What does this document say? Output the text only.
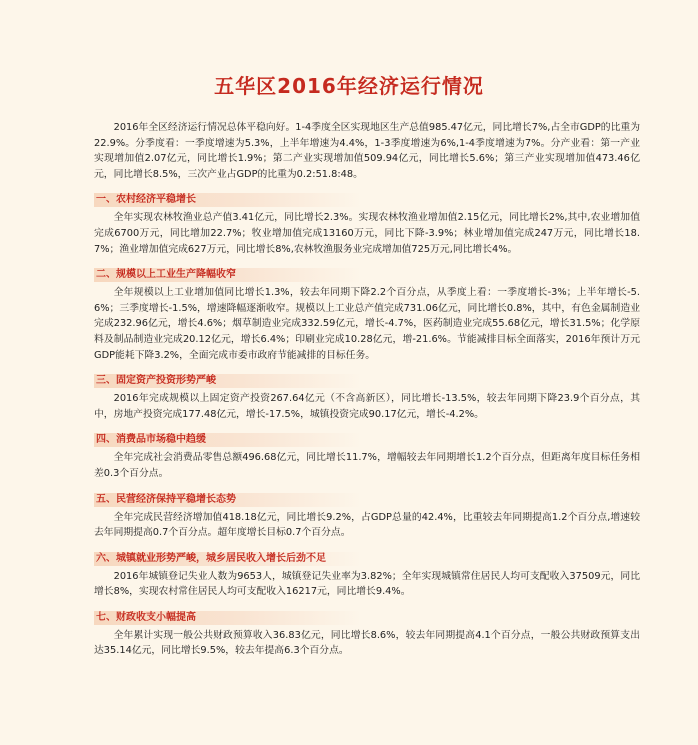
五华区2016年经济运行情况

2016年全区经济运行情况总体平稳向好。1-4季度全区实现地区生产总值985.47亿元，同比增长7%,占全市GDP的比重为22.9%。分季度看：一季度增速为5.3%，上半年增速为4.4%，1-3季度增速为6%,1-4季度增速为7%。分产业看：第一产业实现增加值2.07亿元，同比增长1.9%；第二产业实现增加值509.94亿元，同比增长5.6%；第三产业实现增加值473.46亿元，同比增长8.5%，三次产业占GDP的比重为0.2:51.8:48。

一、农村经济平稳增长

全年实现农林牧渔业总产值3.41亿元，同比增长2.3%。实现农林牧渔业增加值2.15亿元，同比增长2%,其中,农业增加值完成6700万元，同比增加22.7%；牧业增加值完成13160万元，同比下降-3.9%；林业增加值完成247万元，同比增长18.7%；渔业增加值完成627万元，同比增长8%,农林牧渔服务业完成增加值725万元,同比增长4%。

二、规模以上工业生产降幅收窄

全年规模以上工业增加值同比增长1.3%，较去年同期下降2.2个百分点，从季度上看：一季度增长-3%；上半年增长-5.6%；三季度增长-1.5%，增速降幅逐渐收窄。规模以上工业总产值完成731.06亿元，同比增长0.8%，其中，有色金属制造业完成232.96亿元，增长4.6%；烟草制造业完成332.59亿元，增长-4.7%，医药制造业完成55.68亿元，增长31.5%；化学原料及制品制造业完成20.12亿元，增长6.4%；印刷业完成10.28亿元，增-21.6%。节能减排目标全面落实，2016年预计万元GDP能耗下降3.2%，全面完成市委市政府节能减排的目标任务。

三、固定资产投资形势严峻

2016年完成规模以上固定资产投资267.64亿元（不含高新区），同比增长-13.5%，较去年同期下降23.9个百分点，其中，房地产投资完成177.48亿元，增长-17.5%，城镇投资完成90.17亿元，增长-4.2%。

四、消费品市场稳中趋缓

全年完成社会消费品零售总额496.68亿元，同比增长11.7%，增幅较去年同期增长1.2个百分点，但距离年度目标任务相差0.3个百分点。

五、民营经济保持平稳增长态势

全年完成民营经济增加值418.18亿元，同比增长9.2%，占GDP总量的42.4%，比重较去年同期提高1.2个百分点,增速较去年同期提高0.7个百分点。超年度增长目标0.7个百分点。

六、城镇就业形势严峻，城乡居民收入增长后劲不足

2016年城镇登记失业人数为9653人，城镇登记失业率为3.82%；全年实现城镇常住居民人均可支配收入37509元，同比增长8%，实现农村常住居民人均可支配收入16217元，同比增长9.4%。

七、财政收支小幅提高

全年累计实现一般公共财政预算收入36.83亿元，同比增长8.6%，较去年同期提高4.1个百分点，一般公共财政预算支出达35.14亿元，同比增长9.5%，较去年提高6.3个百分点。
